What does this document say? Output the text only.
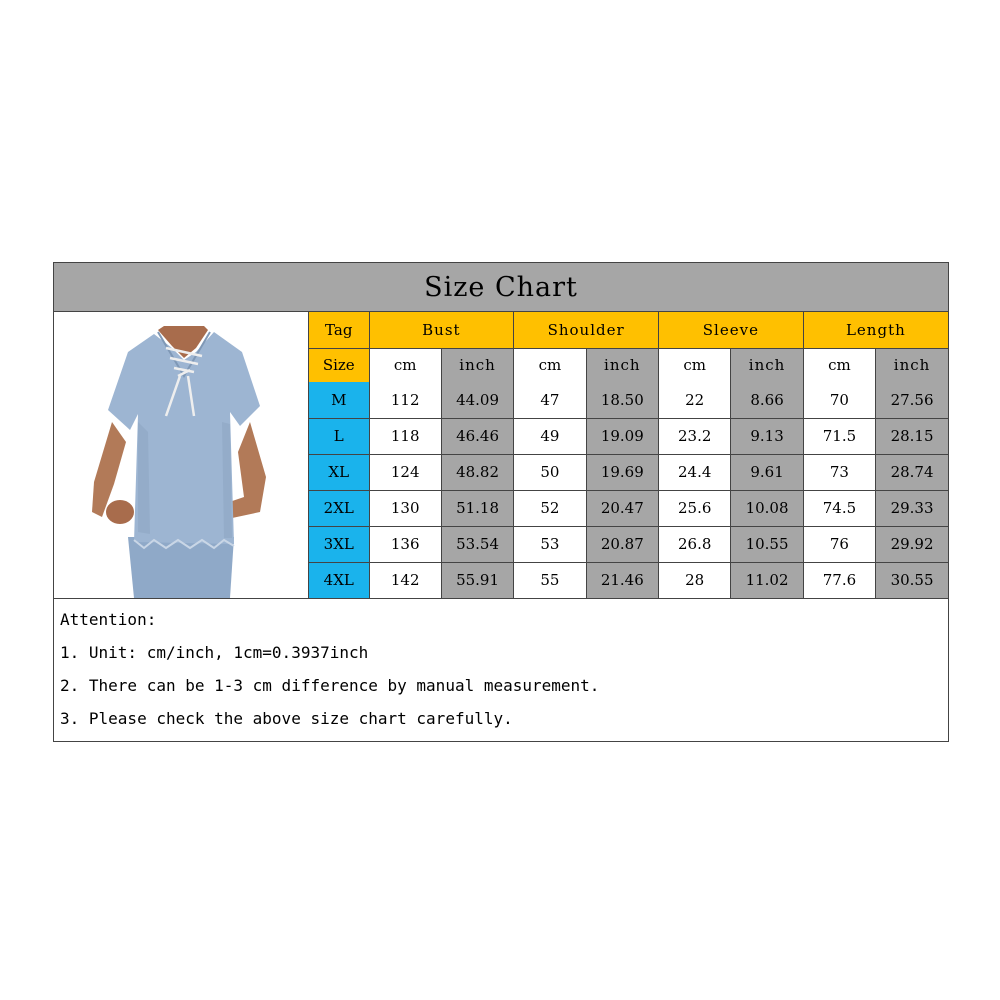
Size Chart
Tag	Bust		Shoulder		Sleeve		Length	
Size	cm	inch	cm	inch	cm	inch	cm	inch
M	112	44.09	47	18.50	22	8.66	70	27.56
L	118	46.46	49	19.09	23.2	9.13	71.5	28.15
XL	124	48.82	50	19.69	24.4	9.61	73	28.74
2XL	130	51.18	52	20.47	25.6	10.08	74.5	29.33
3XL	136	53.54	53	20.87	26.8	10.55	76	29.92
4XL	142	55.91	55	21.46	28	11.02	77.6	30.55
Attention:
1. Unit: cm/inch, 1cm=0.3937inch
2. There can be 1-3 cm difference by manual measurement.
3. Please check the above size chart carefully.
